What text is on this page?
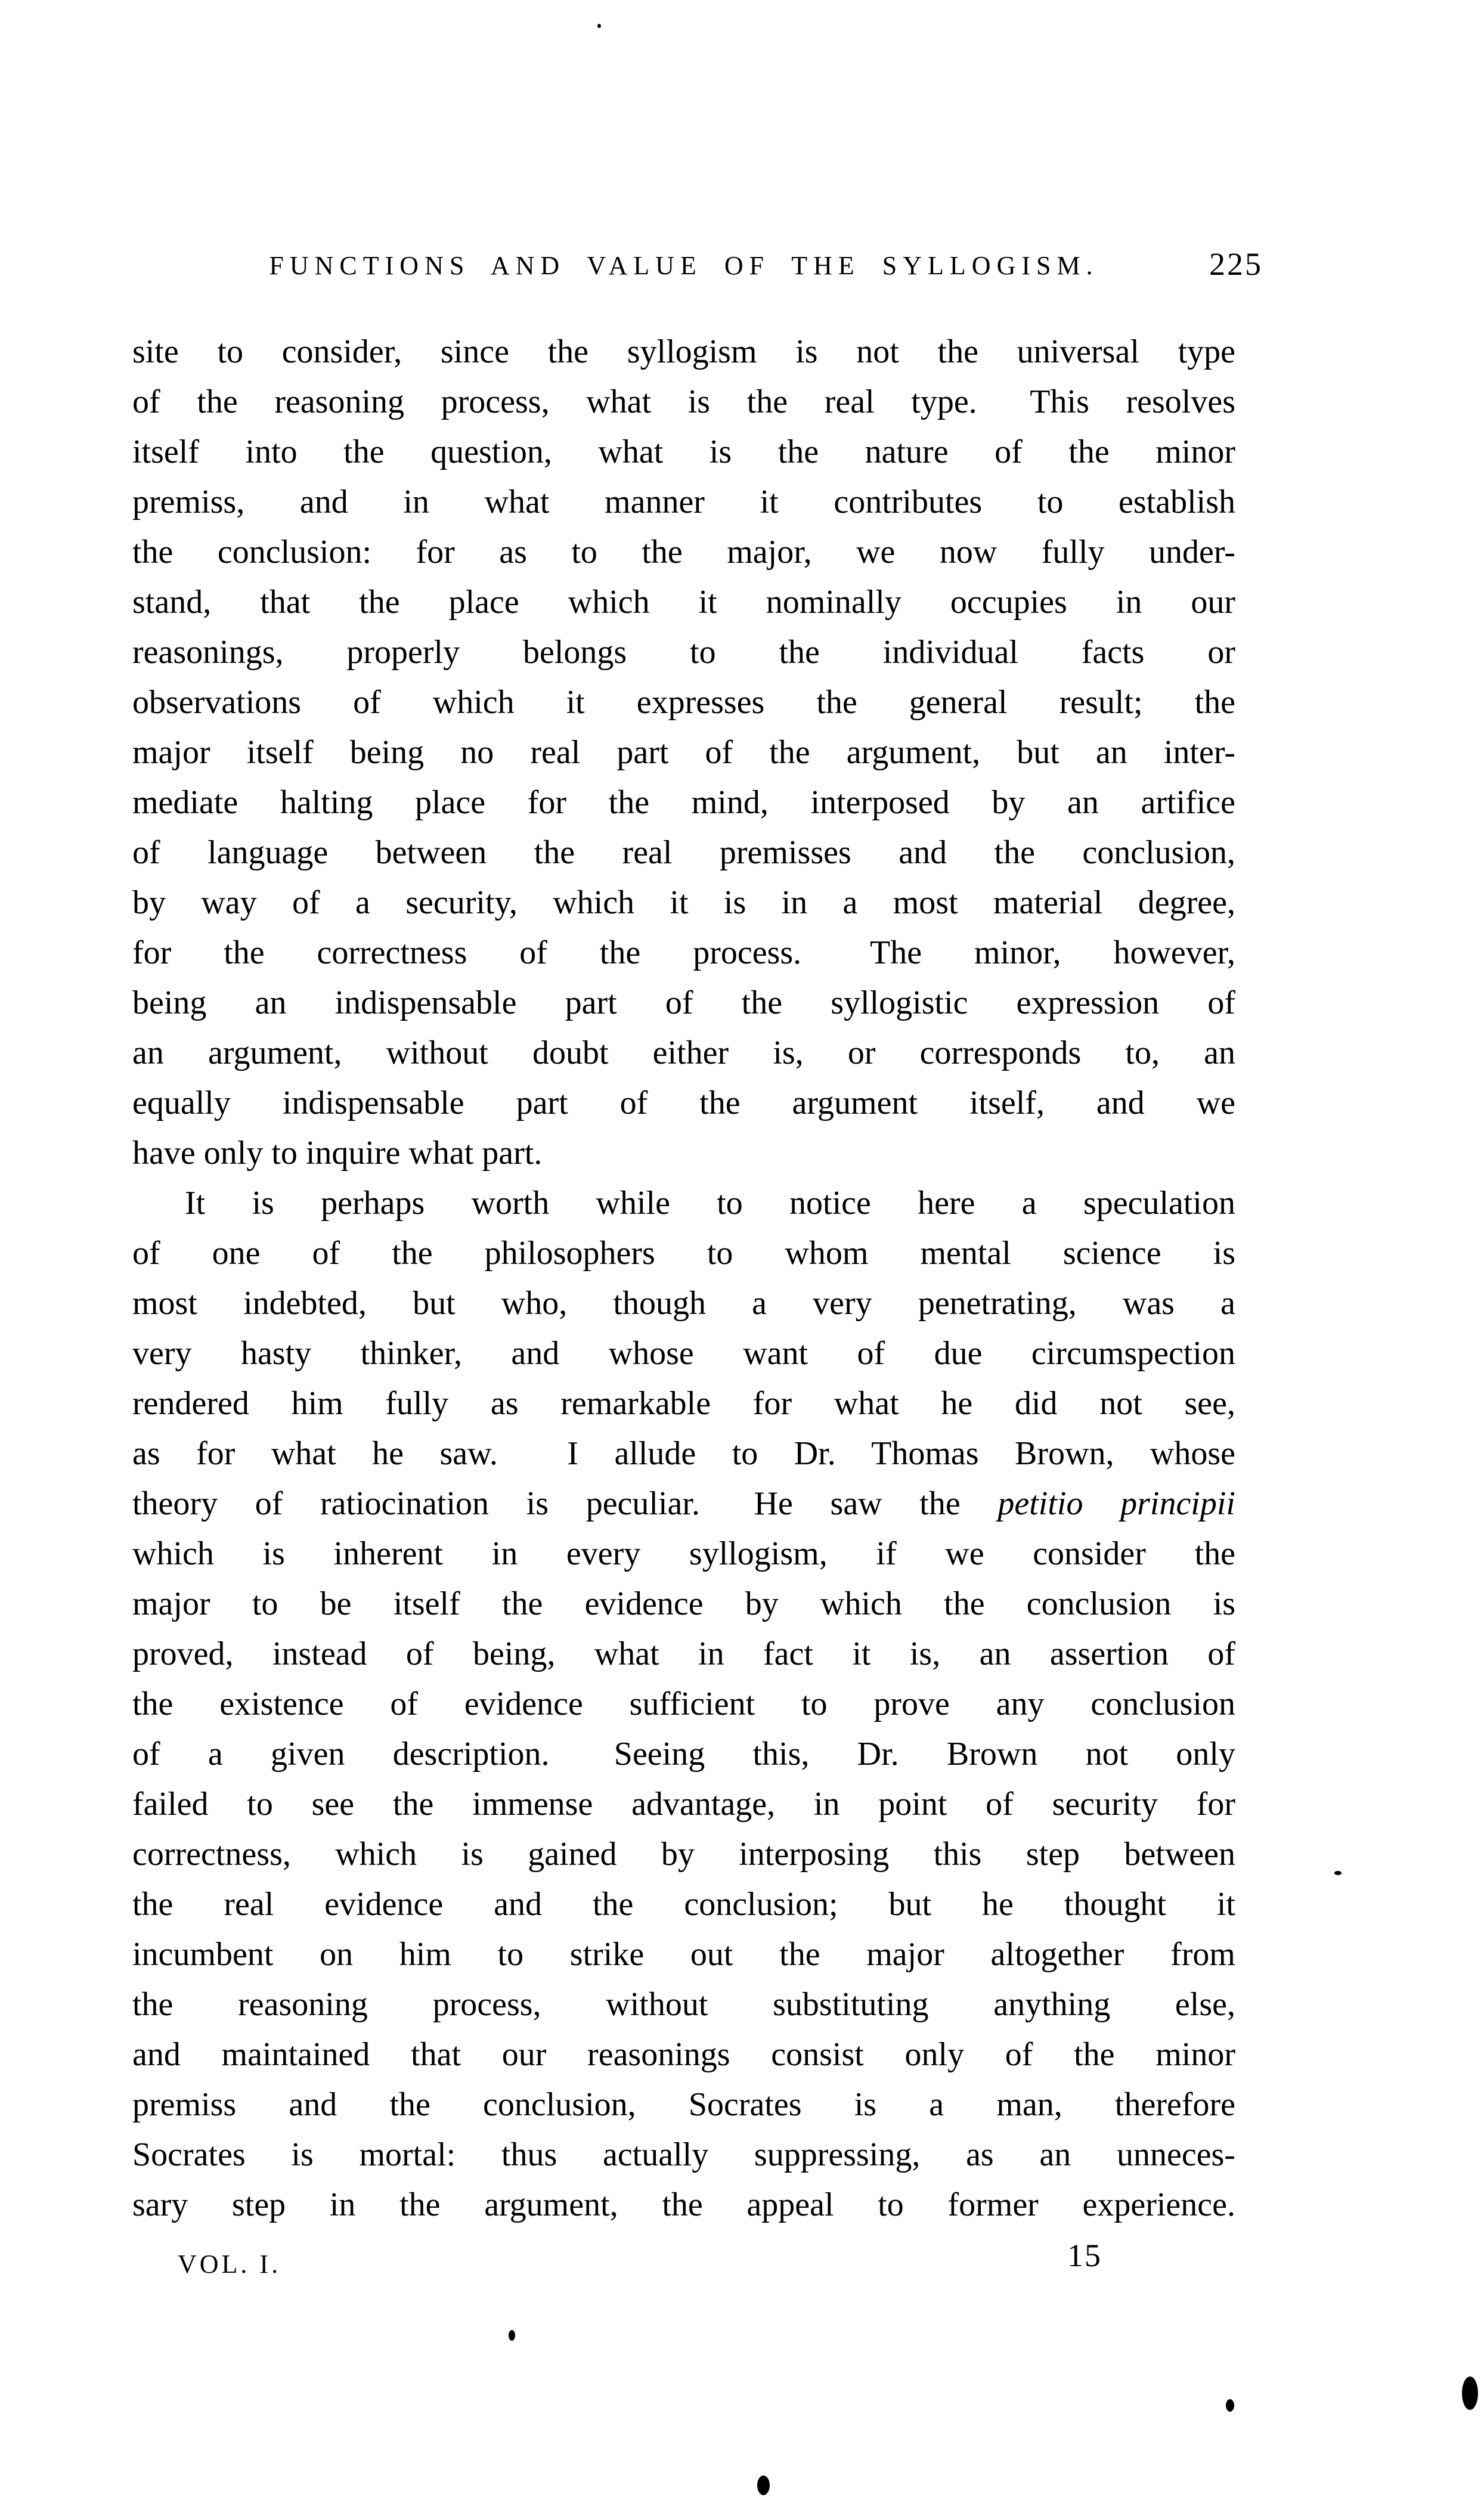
FUNCTIONS AND VALUE OF THE SYLLOGISM.	225
site to consider, since the syllogism is not the universal type
of the reasoning process, what is the real type.  This resolves
itself into the question, what is the nature of the minor
premiss, and in what manner it contributes to establish
the conclusion: for as to the major, we now fully under-
stand, that the place which it nominally occupies in our
reasonings, properly belongs to the individual facts or
observations of which it expresses the general result; the
major itself being no real part of the argument, but an inter-
mediate halting place for the mind, interposed by an artifice
of language between the real premisses and the conclusion,
by way of a security, which it is in a most material degree,
for the correctness of the process.  The minor, however,
being an indispensable part of the syllogistic expression of
an argument, without doubt either is, or corresponds to, an
equally indispensable part of the argument itself, and we
have only to inquire what part.
It is perhaps worth while to notice here a speculation
of one of the philosophers to whom mental science is
most indebted, but who, though a very penetrating, was a
very hasty thinker, and whose want of due circumspection
rendered him fully as remarkable for what he did not see,
as for what he saw.  I allude to Dr. Thomas Brown, whose
theory of ratiocination is peculiar.  He saw the petitio principii
which is inherent in every syllogism, if we consider the
major to be itself the evidence by which the conclusion is
proved, instead of being, what in fact it is, an assertion of
the existence of evidence sufficient to prove any conclusion
of a given description.  Seeing this, Dr. Brown not only
failed to see the immense advantage, in point of security for
correctness, which is gained by interposing this step between
the real evidence and the conclusion; but he thought it
incumbent on him to strike out the major altogether from
the reasoning process, without substituting anything else,
and maintained that our reasonings consist only of the minor
premiss and the conclusion, Socrates is a man, therefore
Socrates is mortal: thus actually suppressing, as an unneces-
sary step in the argument, the appeal to former experience.
VOL. I.	15
